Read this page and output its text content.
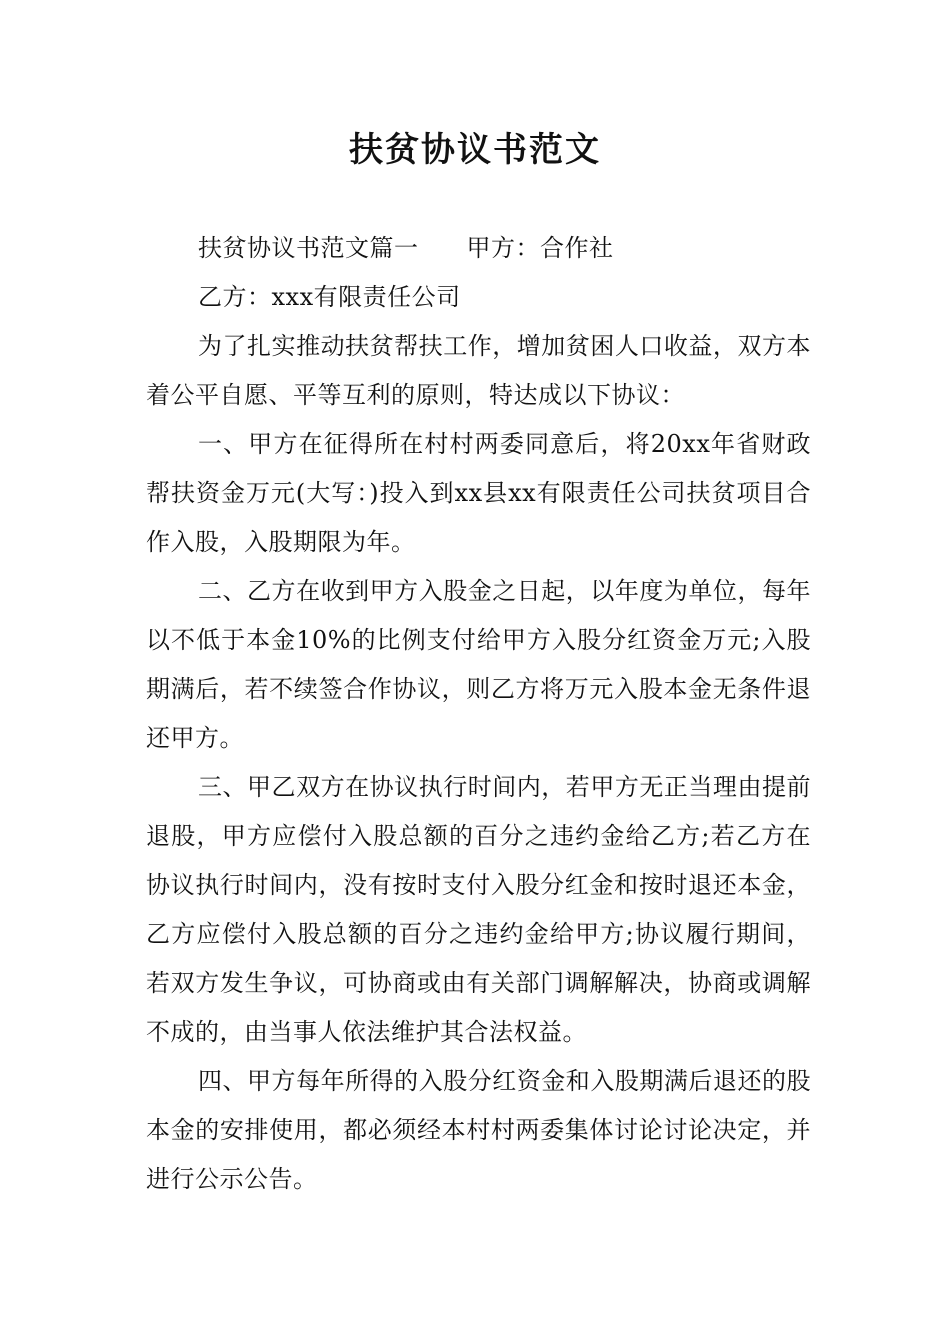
扶贫协议书范文

扶贫协议书范文篇一 甲方：合作社

乙方：xxx有限责任公司

为了扎实推动扶贫帮扶工作，增加贫困人口收益，双方本着公平自愿、平等互利的原则，特达成以下协议：

一、甲方在征得所在村村两委同意后，将20xx年省财政帮扶资金万元(大写：)投入到xx县xx有限责任公司扶贫项目合作入股，入股期限为年。

二、乙方在收到甲方入股金之日起，以年度为单位，每年以不低于本金10%的比例支付给甲方入股分红资金万元;入股期满后，若不续签合作协议，则乙方将万元入股本金无条件退还甲方。

三、甲乙双方在协议执行时间内，若甲方无正当理由提前退股，甲方应偿付入股总额的百分之违约金给乙方;若乙方在协议执行时间内，没有按时支付入股分红金和按时退还本金，乙方应偿付入股总额的百分之违约金给甲方;协议履行期间，若双方发生争议，可协商或由有关部门调解解决，协商或调解不成的，由当事人依法维护其合法权益。

四、甲方每年所得的入股分红资金和入股期满后退还的股本金的安排使用，都必须经本村村两委集体讨论讨论决定，并进行公示公告。
